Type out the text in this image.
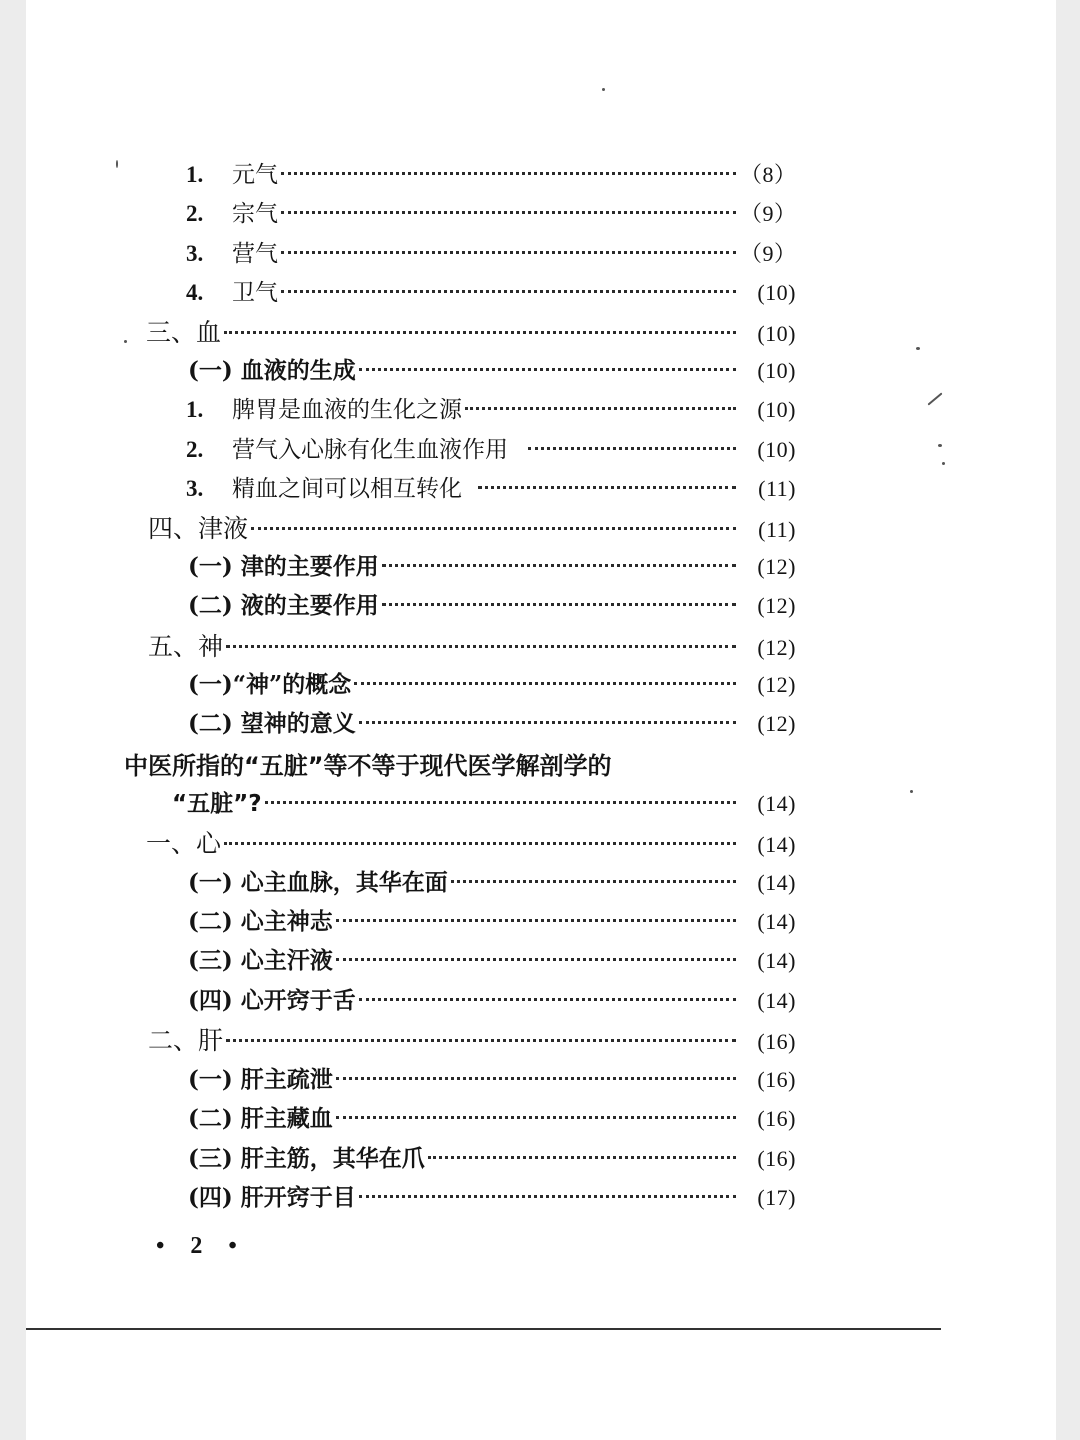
1.	元气	（8）
2.	宗气	（9）
3.	营气	（9）
4.	卫气	(10)
三、血	(10)
(一) 血液的生成	(10)
1.	脾胃是血液的生化之源	(10)
2.	营气入心脉有化生血液作用	(10)
3.	精血之间可以相互转化	(11)
四、津液	(11)
(一) 津的主要作用	(12)
(二) 液的主要作用	(12)
五、神	(12)
(一)“神”的概念	(12)
(二) 望神的意义	(12)
中医所指的“五脏”等不等于现代医学解剖学的
“五脏”?	(14)
一、心	(14)
(一) 心主血脉，其华在面	(14)
(二) 心主神志	(14)
(三) 心主汗液	(14)
(四) 心开窍于舌	(14)
二、肝	(16)
(一) 肝主疏泄	(16)
(二) 肝主藏血	(16)
(三) 肝主筋，其华在爪	(16)
(四) 肝开窍于目	(17)
• 2 •
